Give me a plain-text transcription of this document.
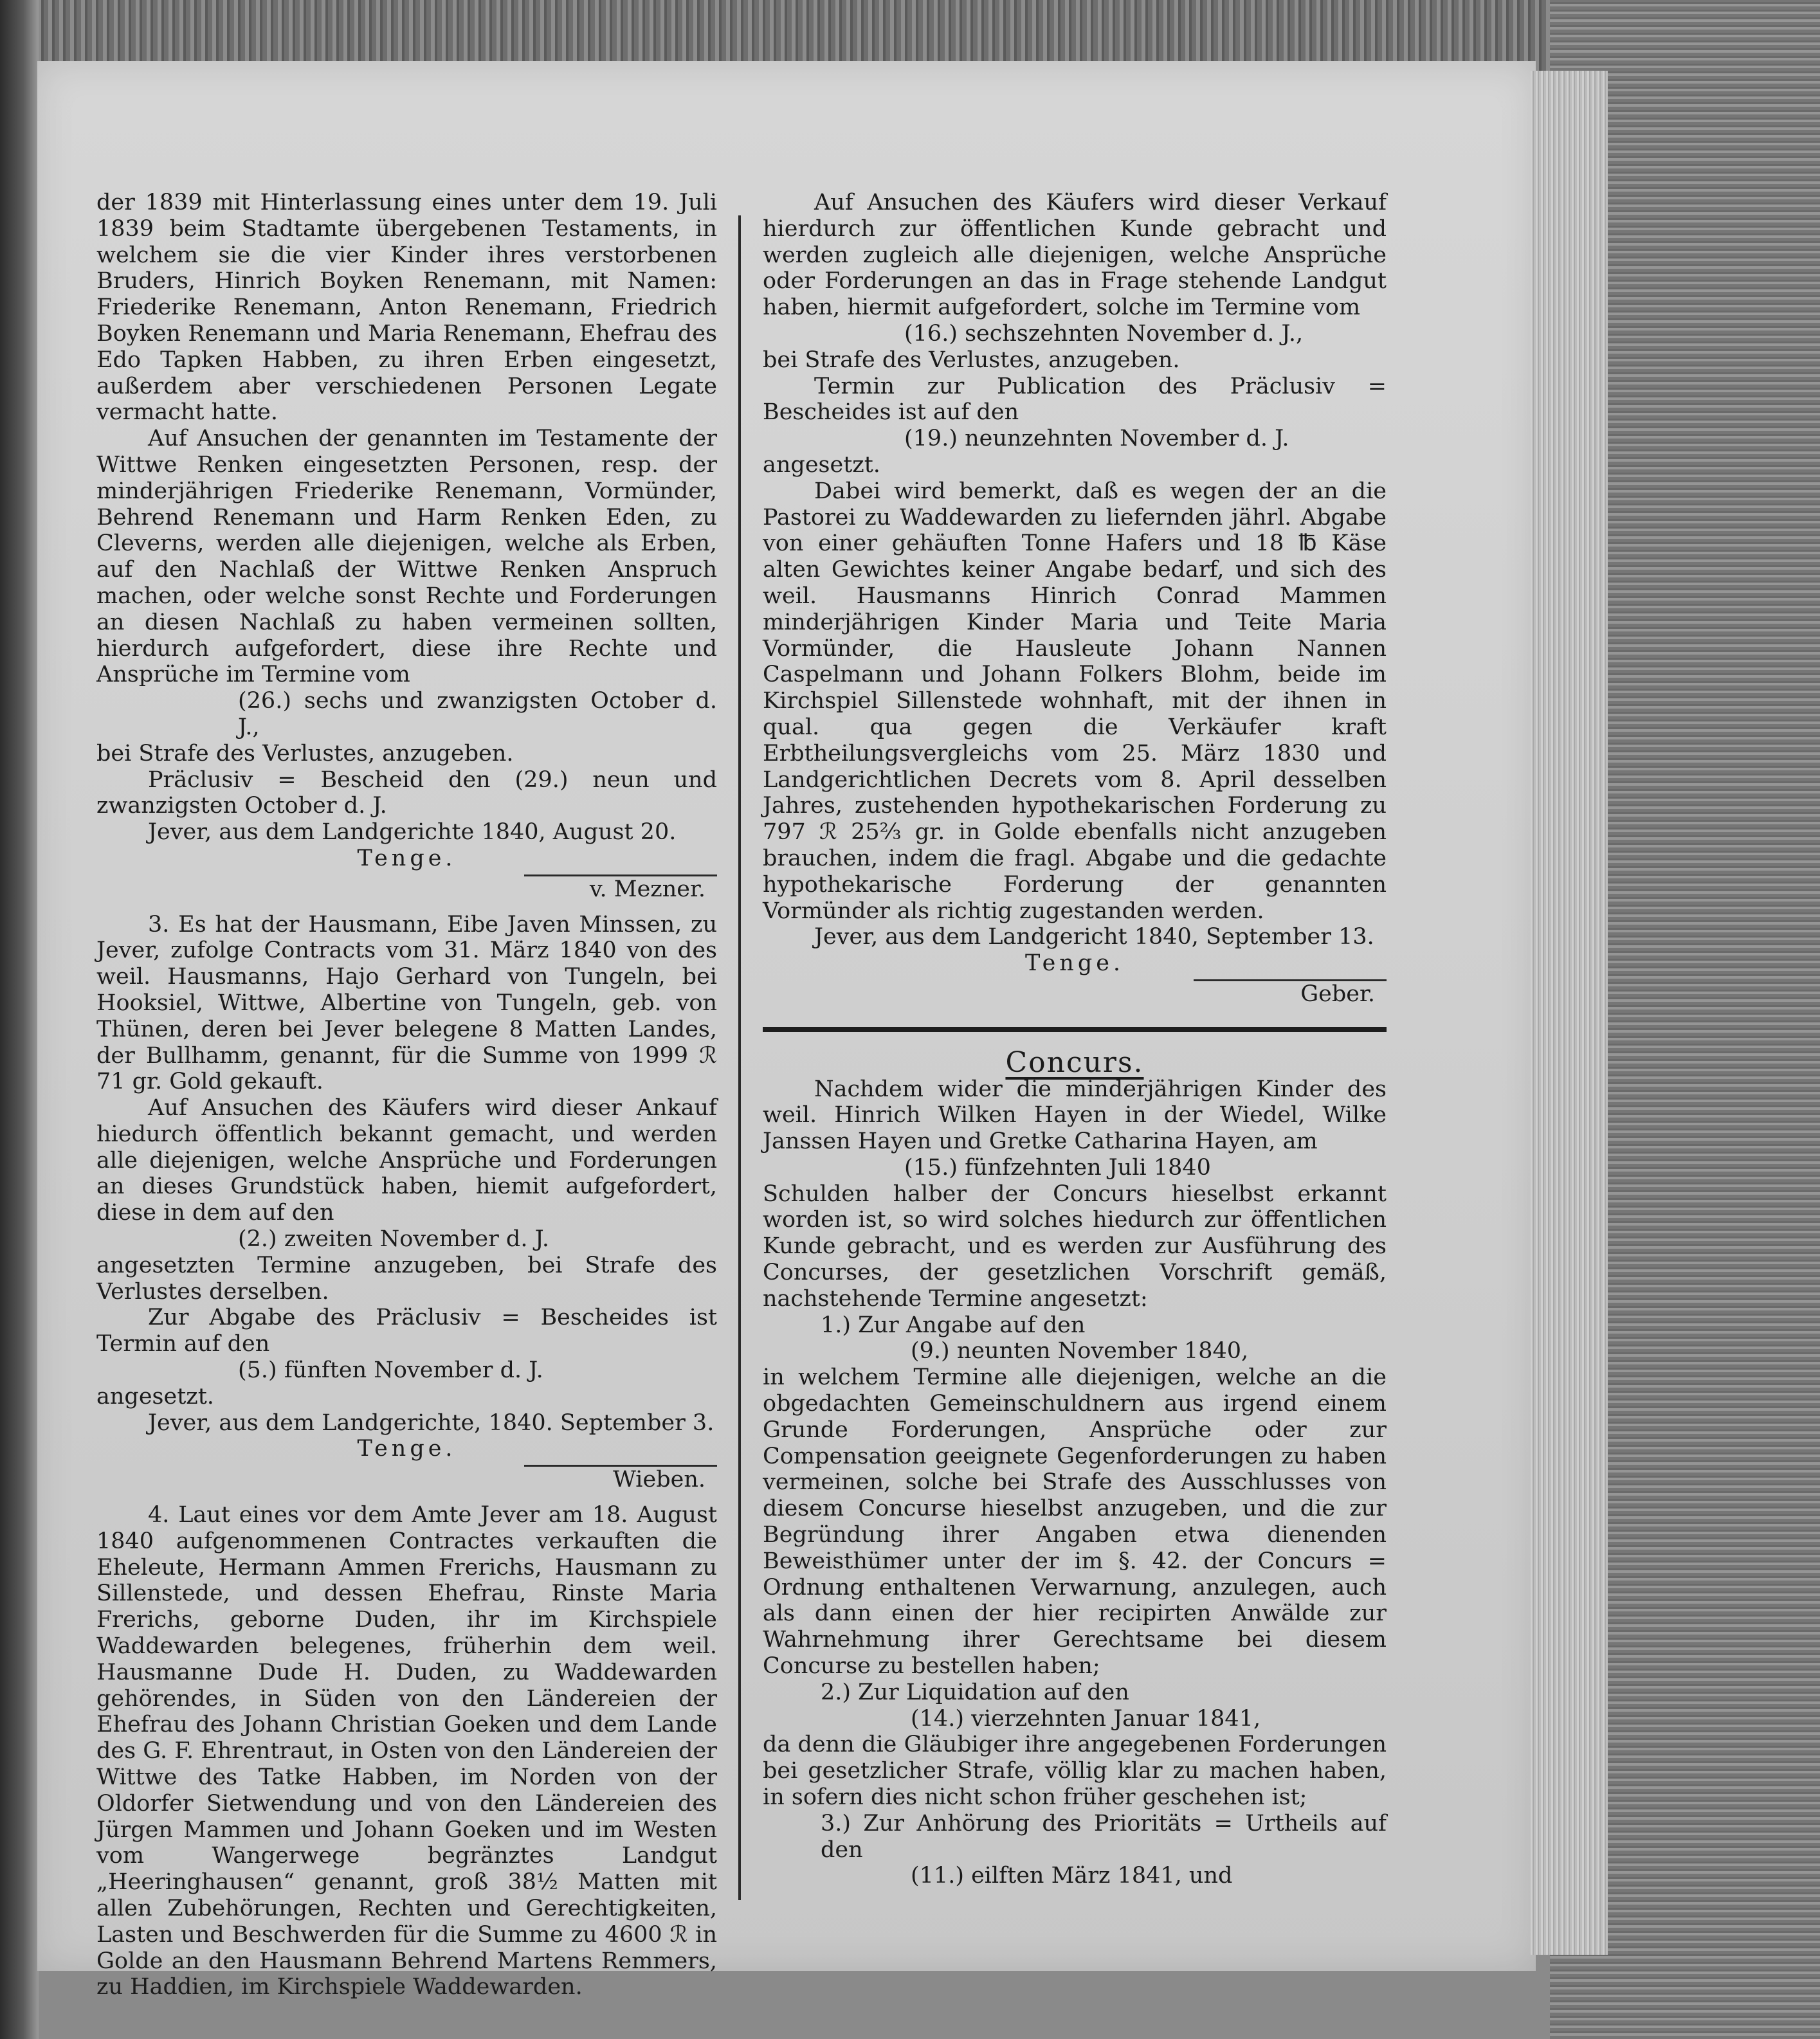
der 1839 mit Hinterlassung eines unter dem 19. Juli 1839 beim Stadtamte übergebenen Testaments, in welchem sie die vier Kinder ihres verstorbenen Bruders, Hinrich Boyken Renemann, mit Namen: Friederike Renemann, Anton Renemann, Friedrich Boyken Renemann und Maria Renemann, Ehefrau des Edo Tapken Habben, zu ihren Erben eingesetzt, außerdem aber verschiedenen Personen Legate vermacht hatte.

Auf Ansuchen der genannten im Testamente der Wittwe Renken eingesetzten Personen, resp. der minderjährigen Friederike Renemann, Vormünder, Behrend Renemann und Harm Renken Eden, zu Cleverns, werden alle diejenigen, welche als Erben, auf den Nachlaß der Wittwe Renken Anspruch machen, oder welche sonst Rechte und Forderungen an diesen Nachlaß zu haben vermeinen sollten, hierdurch aufgefordert, diese ihre Rechte und Ansprüche im Termine vom

(26.) sechs und zwanzigsten October d. J.,

bei Strafe des Verlustes, anzugeben.

Präclusiv = Bescheid den (29.) neun und zwanzigsten October d. J.

Jever, aus dem Landgerichte 1840, August 20.

Tenge.

v. Mezner.

3. Es hat der Hausmann, Eibe Javen Minssen, zu Jever, zufolge Contracts vom 31. März 1840 von des weil. Hausmanns, Hajo Gerhard von Tungeln, bei Hooksiel, Wittwe, Albertine von Tungeln, geb. von Thünen, deren bei Jever belegene 8 Matten Landes, der Bullhamm, genannt, für die Summe von 1999 ℛ 71 gr. Gold gekauft.

Auf Ansuchen des Käufers wird dieser Ankauf hiedurch öffentlich bekannt gemacht, und werden alle diejenigen, welche Ansprüche und Forderungen an dieses Grundstück haben, hiemit aufgefordert, diese in dem auf den

(2.) zweiten November d. J.

angesetzten Termine anzugeben, bei Strafe des Verlustes derselben.

Zur Abgabe des Präclusiv = Bescheides ist Termin auf den

(5.) fünften November d. J.

angesetzt.

Jever, aus dem Landgerichte, 1840. September 3.

Tenge.

Wieben.

4. Laut eines vor dem Amte Jever am 18. August 1840 aufgenommenen Contractes verkauften die Eheleute, Hermann Ammen Frerichs, Hausmann zu Sillenstede, und dessen Ehefrau, Rinste Maria Frerichs, geborne Duden, ihr im Kirchspiele Waddewarden belegenes, früherhin dem weil. Hausmanne Dude H. Duden, zu Waddewarden gehörendes, in Süden von den Ländereien der Ehefrau des Johann Christian Goeken und dem Lande des G. F. Ehrentraut, in Osten von den Ländereien der Wittwe des Tatke Habben, im Norden von der Oldorfer Sietwendung und von den Ländereien des Jürgen Mammen und Johann Goeken und im Westen vom Wangerwege begränztes Landgut „Heeringhausen“ genannt, groß 38½ Matten mit allen Zubehörungen, Rechten und Gerechtigkeiten, Lasten und Beschwerden für die Summe zu 4600 ℛ in Golde an den Hausmann Behrend Martens Remmers, zu Haddien, im Kirchspiele Waddewarden.

Auf Ansuchen des Käufers wird dieser Verkauf hierdurch zur öffentlichen Kunde gebracht und werden zugleich alle diejenigen, welche Ansprüche oder Forderungen an das in Frage stehende Landgut haben, hiermit aufgefordert, solche im Termine vom

(16.) sechszehnten November d. J.,

bei Strafe des Verlustes, anzugeben.

Termin zur Publication des Präclusiv = Bescheides ist auf den

(19.) neunzehnten November d. J.

angesetzt.

Dabei wird bemerkt, daß es wegen der an die Pastorei zu Waddewarden zu liefernden jährl. Abgabe von einer gehäuften Tonne Hafers und 18 ℔ Käse alten Gewichtes keiner Angabe bedarf, und sich des weil. Hausmanns Hinrich Conrad Mammen minderjährigen Kinder Maria und Teite Maria Vormünder, die Hausleute Johann Nannen Caspelmann und Johann Folkers Blohm, beide im Kirchspiel Sillenstede wohnhaft, mit der ihnen in qual. qua gegen die Verkäufer kraft Erbtheilungsvergleichs vom 25. März 1830 und Landgerichtlichen Decrets vom 8. April desselben Jahres, zustehenden hypothekarischen Forderung zu 797 ℛ 25⅔ gr. in Golde ebenfalls nicht anzugeben brauchen, indem die fragl. Abgabe und die gedachte hypothekarische Forderung der genannten Vormünder als richtig zugestanden werden.

Jever, aus dem Landgericht 1840, September 13.

Tenge.

Geber.

Concurs.

Nachdem wider die minderjährigen Kinder des weil. Hinrich Wilken Hayen in der Wiedel, Wilke Janssen Hayen und Gretke Catharina Hayen, am

(15.) fünfzehnten Juli 1840

Schulden halber der Concurs hieselbst erkannt worden ist, so wird solches hiedurch zur öffentlichen Kunde gebracht, und es werden zur Ausführung des Concurses, der gesetzlichen Vorschrift gemäß, nachstehende Termine angesetzt:

1.) Zur Angabe auf den

(9.) neunten November 1840,

in welchem Termine alle diejenigen, welche an die obgedachten Gemeinschuldnern aus irgend einem Grunde Forderungen, Ansprüche oder zur Compensation geeignete Gegenforderungen zu haben vermeinen, solche bei Strafe des Ausschlusses von diesem Concurse hieselbst anzugeben, und die zur Begründung ihrer Angaben etwa dienenden Beweisthümer unter der im §. 42. der Concurs = Ordnung enthaltenen Verwarnung, anzulegen, auch als dann einen der hier recipirten Anwälde zur Wahrnehmung ihrer Gerechtsame bei diesem Concurse zu bestellen haben;

2.) Zur Liquidation auf den

(14.) vierzehnten Januar 1841,

da denn die Gläubiger ihre angegebenen Forderungen bei gesetzlicher Strafe, völlig klar zu machen haben, in sofern dies nicht schon früher geschehen ist;

3.) Zur Anhörung des Prioritäts = Urtheils auf den

(11.) eilften März 1841, und
